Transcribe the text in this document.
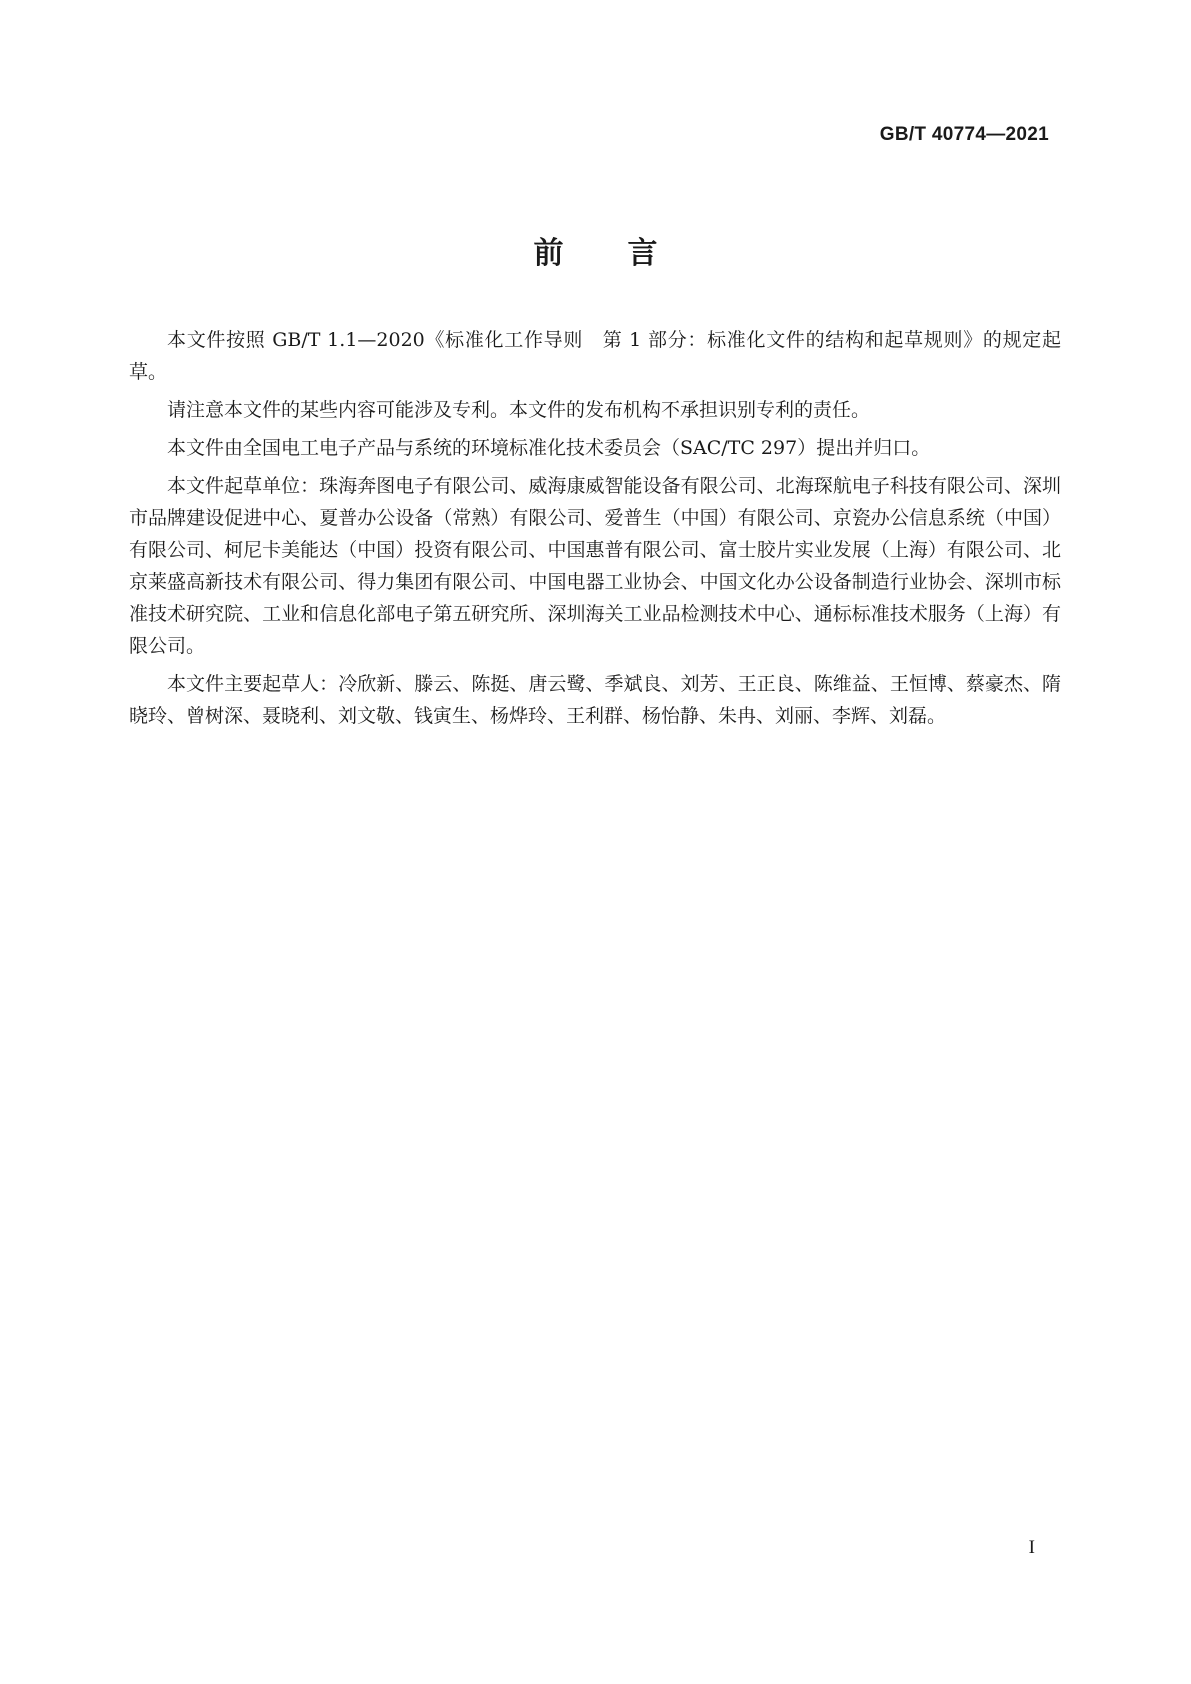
GB/T 40774—2021
前言

本文件按照 GB/T 1.1—2020《标准化工作导则　第 1 部分：标准化文件的结构和起草规则》的规定起草。

请注意本文件的某些内容可能涉及专利。本文件的发布机构不承担识别专利的责任。

本文件由全国电工电子产品与系统的环境标准化技术委员会（SAC/TC 297）提出并归口。

本文件起草单位：珠海奔图电子有限公司、威海康威智能设备有限公司、北海琛航电子科技有限公司、深圳市品牌建设促进中心、夏普办公设备（常熟）有限公司、爱普生（中国）有限公司、京瓷办公信息系统（中国）有限公司、柯尼卡美能达（中国）投资有限公司、中国惠普有限公司、富士胶片实业发展（上海）有限公司、北京莱盛高新技术有限公司、得力集团有限公司、中国电器工业协会、中国文化办公设备制造行业协会、深圳市标准技术研究院、工业和信息化部电子第五研究所、深圳海关工业品检测技术中心、通标标准技术服务（上海）有限公司。

本文件主要起草人：冷欣新、滕云、陈挺、唐云鹭、季斌良、刘芳、王正良、陈维益、王恒博、蔡豪杰、隋晓玲、曾树深、聂晓利、刘文敬、钱寅生、杨烨玲、王利群、杨怡静、朱冉、刘丽、李辉、刘磊。

I
